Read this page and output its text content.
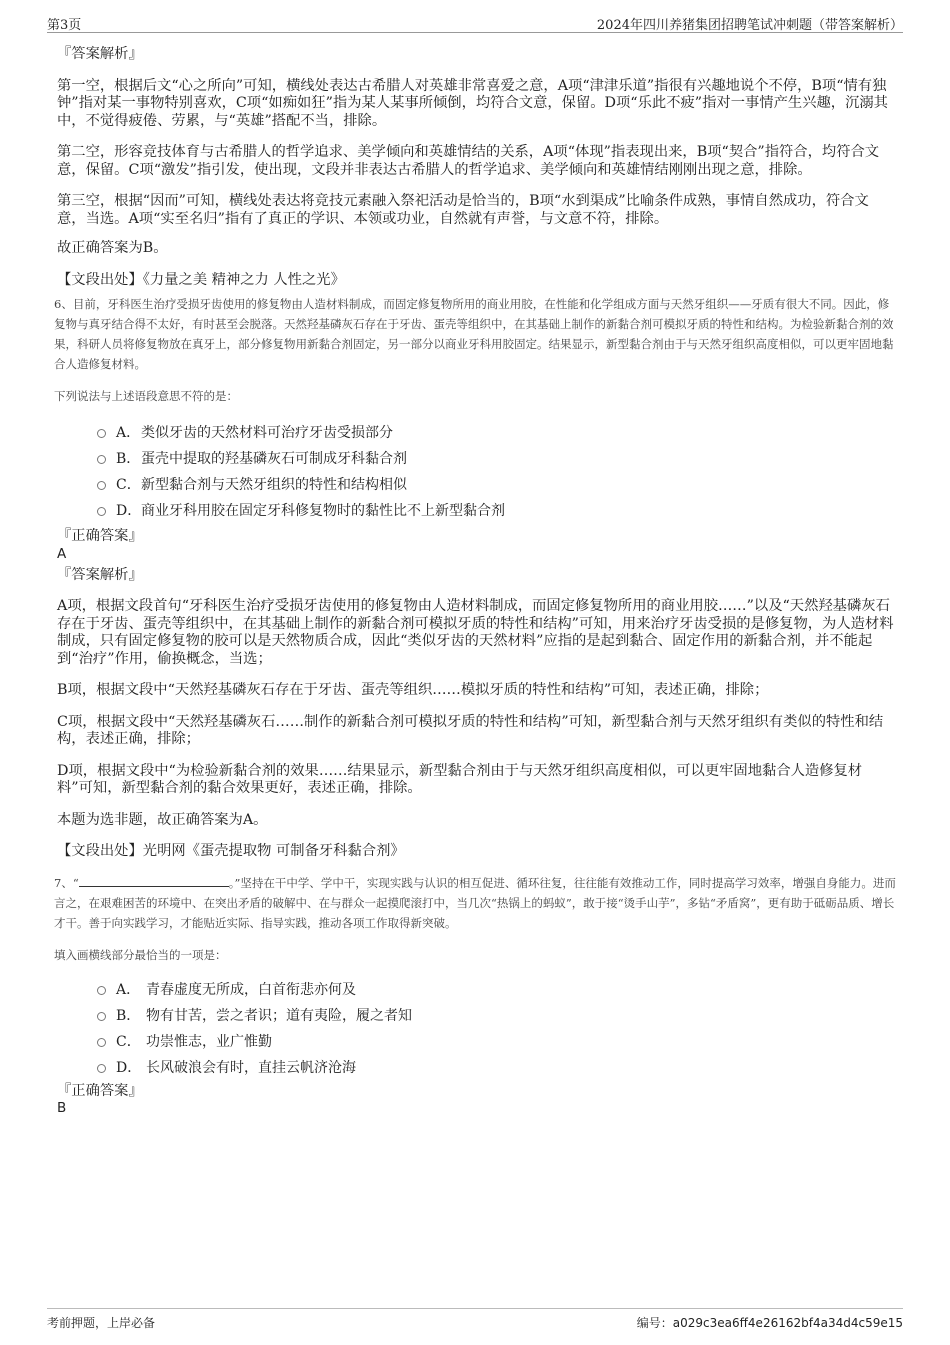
第3页	2024年四川养猪集团招聘笔试冲刺题（带答案解析）

『答案解析』

第一空，根据后文“心之所向”可知，横线处表达古希腊人对英雄非常喜爱之意，A项“津津乐道”指很有兴趣地说个不停，B项“情有独钟”指对某一事物特别喜欢，C项“如痴如狂”指为某人某事所倾倒，均符合文意，保留。D项“乐此不疲”指对一事情产生兴趣，沉溺其中，不觉得疲倦、劳累，与“英雄”搭配不当，排除。

第二空，形容竞技体育与古希腊人的哲学追求、美学倾向和英雄情结的关系，A项“体现”指表现出来，B项“契合”指符合，均符合文意，保留。C项“激发”指引发，使出现，文段并非表达古希腊人的哲学追求、美学倾向和英雄情结刚刚出现之意，排除。

第三空，根据“因而”可知，横线处表达将竞技元素融入祭祀活动是恰当的，B项“水到渠成”比喻条件成熟，事情自然成功，符合文意，当选。A项“实至名归”指有了真正的学识、本领或功业，自然就有声誉，与文意不符，排除。

故正确答案为B。

【文段出处】《力量之美 精神之力 人性之光》

6、目前，牙科医生治疗受损牙齿使用的修复物由人造材料制成，而固定修复物所用的商业用胶，在性能和化学组成方面与天然牙组织——牙质有很大不同。因此，修复物与真牙结合得不太好，有时甚至会脱落。天然羟基磷灰石存在于牙齿、蛋壳等组织中，在其基础上制作的新黏合剂可模拟牙质的特性和结构。为检验新黏合剂的效果，科研人员将修复物放在真牙上，部分修复物用新黏合剂固定，另一部分以商业牙科用胶固定。结果显示，新型黏合剂由于与天然牙组织高度相似，可以更牢固地黏合人造修复材料。

下列说法与上述语段意思不符的是：

A． 类似牙齿的天然材料可治疗牙齿受损部分
B． 蛋壳中提取的羟基磷灰石可制成牙科黏合剂
C． 新型黏合剂与天然牙组织的特性和结构相似
D． 商业牙科用胶在固定牙科修复物时的黏性比不上新型黏合剂

『正确答案』

A

『答案解析』

A项，根据文段首句“牙科医生治疗受损牙齿使用的修复物由人造材料制成，而固定修复物所用的商业用胶……”以及“天然羟基磷灰石存在于牙齿、蛋壳等组织中，在其基础上制作的新黏合剂可模拟牙质的特性和结构”可知，用来治疗牙齿受损的是修复物，为人造材料制成，只有固定修复物的胶可以是天然物质合成，因此“类似牙齿的天然材料”应指的是起到黏合、固定作用的新黏合剂，并不能起到“治疗”作用，偷换概念，当选；

B项，根据文段中“天然羟基磷灰石存在于牙齿、蛋壳等组织……模拟牙质的特性和结构”可知，表述正确，排除；

C项，根据文段中“天然羟基磷灰石……制作的新黏合剂可模拟牙质的特性和结构”可知，新型黏合剂与天然牙组织有类似的特性和结构，表述正确，排除；

D项，根据文段中“为检验新黏合剂的效果……结果显示，新型黏合剂由于与天然牙组织高度相似，可以更牢固地黏合人造修复材料”可知，新型黏合剂的黏合效果更好，表述正确，排除。

本题为选非题，故正确答案为A。

【文段出处】光明网《蛋壳提取物 可制备牙科黏合剂》

7、“	。”坚持在干中学、学中干，实现实践与认识的相互促进、循环往复，往往能有效推动工作，同时提高学习效率，增强自身能力。进而言之，在艰难困苦的环境中、在突出矛盾的破解中、在与群众一起摸爬滚打中，当几次“热锅上的蚂蚁”，敢于接“烫手山芋”，多钻“矛盾窝”，更有助于砥砺品质、增长才干。善于向实践学习，才能贴近实际、指导实践，推动各项工作取得新突破。

填入画横线部分最恰当的一项是：

A． 青春虚度无所成，白首衔悲亦何及
B． 物有甘苦，尝之者识；道有夷险，履之者知
C． 功崇惟志，业广惟勤
D． 长风破浪会有时，直挂云帆济沧海

『正确答案』

B

考前押题，上岸必备	编号：a029c3ea6ff4e26162bf4a34d4c59e15
